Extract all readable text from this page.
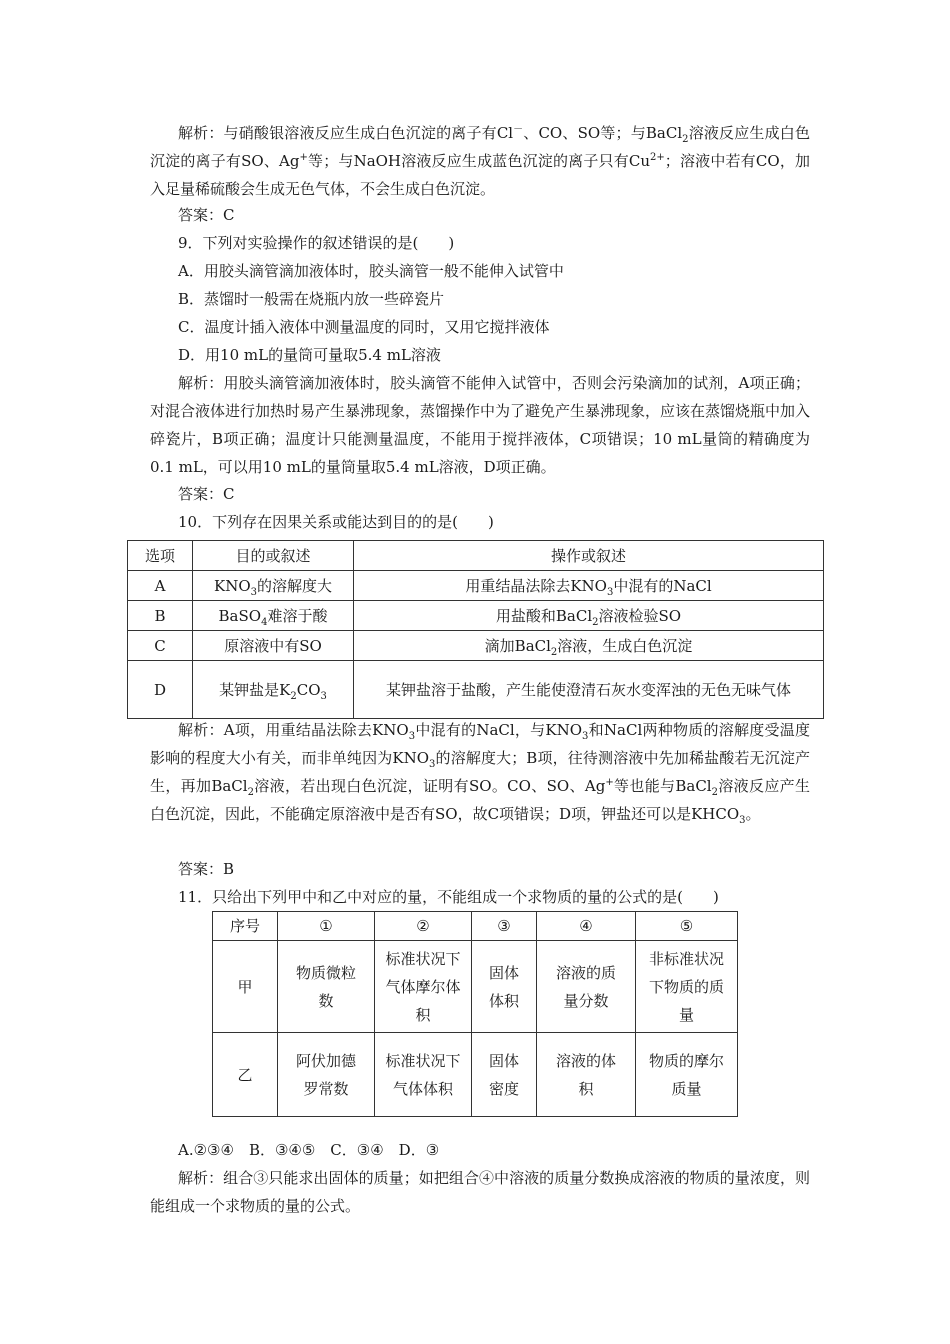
解析：与硝酸银溶液反应生成白色沉淀的离子有Cl－、CO、SO等；与BaCl$_2$溶液反应生成白色沉淀的离子有SO、Ag+等；与NaOH溶液反应生成蓝色沉淀的离子只有$Cu^{2+}$；溶液中若有CO，加入足量稀硫酸会生成无色气体，不会生成白色沉淀。

答案：C

9．下列对实验操作的叙述错误的是(　　)

A．用胶头滴管滴加液体时，胶头滴管一般不能伸入试管中

B．蒸馏时一般需在烧瓶内放一些碎瓷片

C．温度计插入液体中测量温度的同时，又用它搅拌液体

D．用10 mL的量筒可量取5.4 mL溶液

解析：用胶头滴管滴加液体时，胶头滴管不能伸入试管中，否则会污染滴加的试剂，A项正确；对混合液体进行加热时易产生暴沸现象，蒸馏操作中为了避免产生暴沸现象，应该在蒸馏烧瓶中加入碎瓷片，B项正确；温度计只能测量温度，不能用于搅拌液体，C项错误；10 mL量筒的精确度为0.1 mL，可以用10 mL的量筒量取5.4 mL溶液，D项正确。

答案：C

10．下列存在因果关系或能达到目的的是(　　)

选项	目的或叙述	操作或叙述
A	$KNO_3$的溶解度大	用重结晶法除去$KNO_3$中混有的NaCl
B	BaSO$_4$难溶于酸	用盐酸和BaCl$_2$溶液检验SO
C	原溶液中有SO	滴加BaCl$_2$溶液，生成白色沉淀
D	某钾盐是$K_2CO_3$	某钾盐溶于盐酸，产生能使澄清石灰水变浑浊的无色无味气体

解析：A项，用重结晶法除去$KNO_3$中混有的NaCl，与$KNO_3$和NaCl两种物质的溶解度受温度影响的程度大小有关，而非单纯因为$KNO_3$的溶解度大；B项，往待测溶液中先加稀盐酸若无沉淀产生，再加BaCl$_2$溶液，若出现白色沉淀，证明有SO。CO、SO、Ag+等也能与BaCl$_2$溶液反应产生白色沉淀，因此，不能确定原溶液中是否有SO，故C项错误；D项，钾盐还可以是$KHCO_3$。

答案：B

11．只给出下列甲中和乙中对应的量，不能组成一个求物质的量的公式的是(　　)

序号	①	②	③	④	⑤
甲	物质微粒数	标准状况下气体摩尔体积	固体体积	溶液的质量分数	非标准状况下物质的质量
乙	阿伏加德罗常数	标准状况下气体体积	固体密度	溶液的体积	物质的摩尔质量

A.②③④　B．③④⑤　C．③④　D．③

解析：组合③只能求出固体的质量；如把组合④中溶液的质量分数换成溶液的物质的量浓度，则能组成一个求物质的量的公式。
